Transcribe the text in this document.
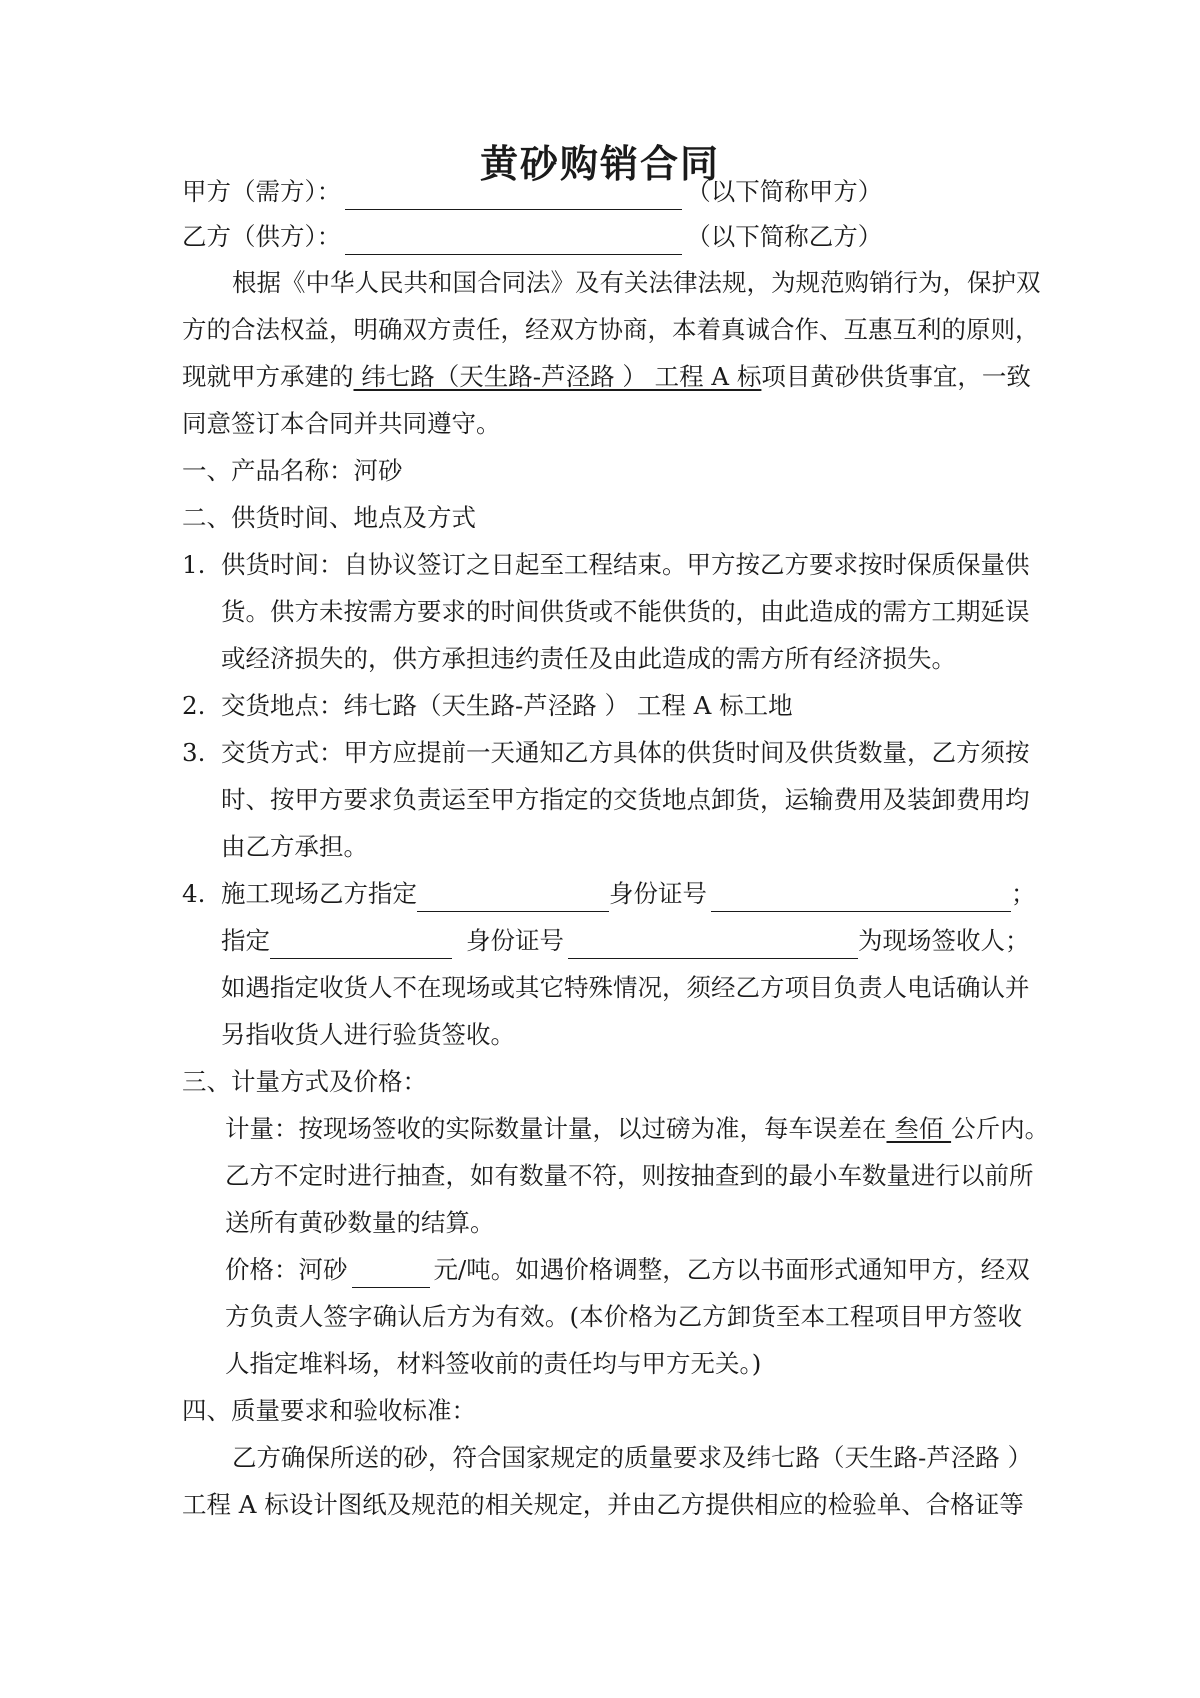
黄砂购销合同
甲方（需方）：	（以下简称甲方）
乙方（供方）：	（以下简称乙方）
根据《中华人民共和国合同法》及有关法律法规，为规范购销行为，保护双
方的合法权益，明确双方责任，经双方协商，本着真诚合作、互惠互利的原则，
现就甲方承建的 纬七路（天生路-芦泾路 ） 工程 A 标项目黄砂供货事宜，一致
同意签订本合同并共同遵守。
一、产品名称：河砂
二、供货时间、地点及方式
1. 供货时间：自协议签订之日起至工程结束。甲方按乙方要求按时保质保量供
货。供方未按需方要求的时间供货或不能供货的，由此造成的需方工期延误
或经济损失的，供方承担违约责任及由此造成的需方所有经济损失。
2. 交货地点：纬七路（天生路-芦泾路 ） 工程 A 标工地
3. 交货方式：甲方应提前一天通知乙方具体的供货时间及供货数量，乙方须按
时、按甲方要求负责运至甲方指定的交货地点卸货，运输费用及装卸费用均
由乙方承担。
4. 施工现场乙方指定	身份证号	；
指定	身份证号	为现场签收人；
如遇指定收货人不在现场或其它特殊情况，须经乙方项目负责人电话确认并
另指收货人进行验货签收。
三、计量方式及价格：
计量：按现场签收的实际数量计量，以过磅为准，每车误差在 叁佰 公斤内。
乙方不定时进行抽查，如有数量不符，则按抽查到的最小车数量进行以前所
送所有黄砂数量的结算。
价格：河砂	元/吨。如遇价格调整，乙方以书面形式通知甲方，经双
方负责人签字确认后方为有效。(本价格为乙方卸货至本工程项目甲方签收
人指定堆料场，材料签收前的责任均与甲方无关。)
四、质量要求和验收标准：
乙方确保所送的砂，符合国家规定的质量要求及纬七路（天生路-芦泾路 ）
工程 A 标设计图纸及规范的相关规定，并由乙方提供相应的检验单、合格证等
